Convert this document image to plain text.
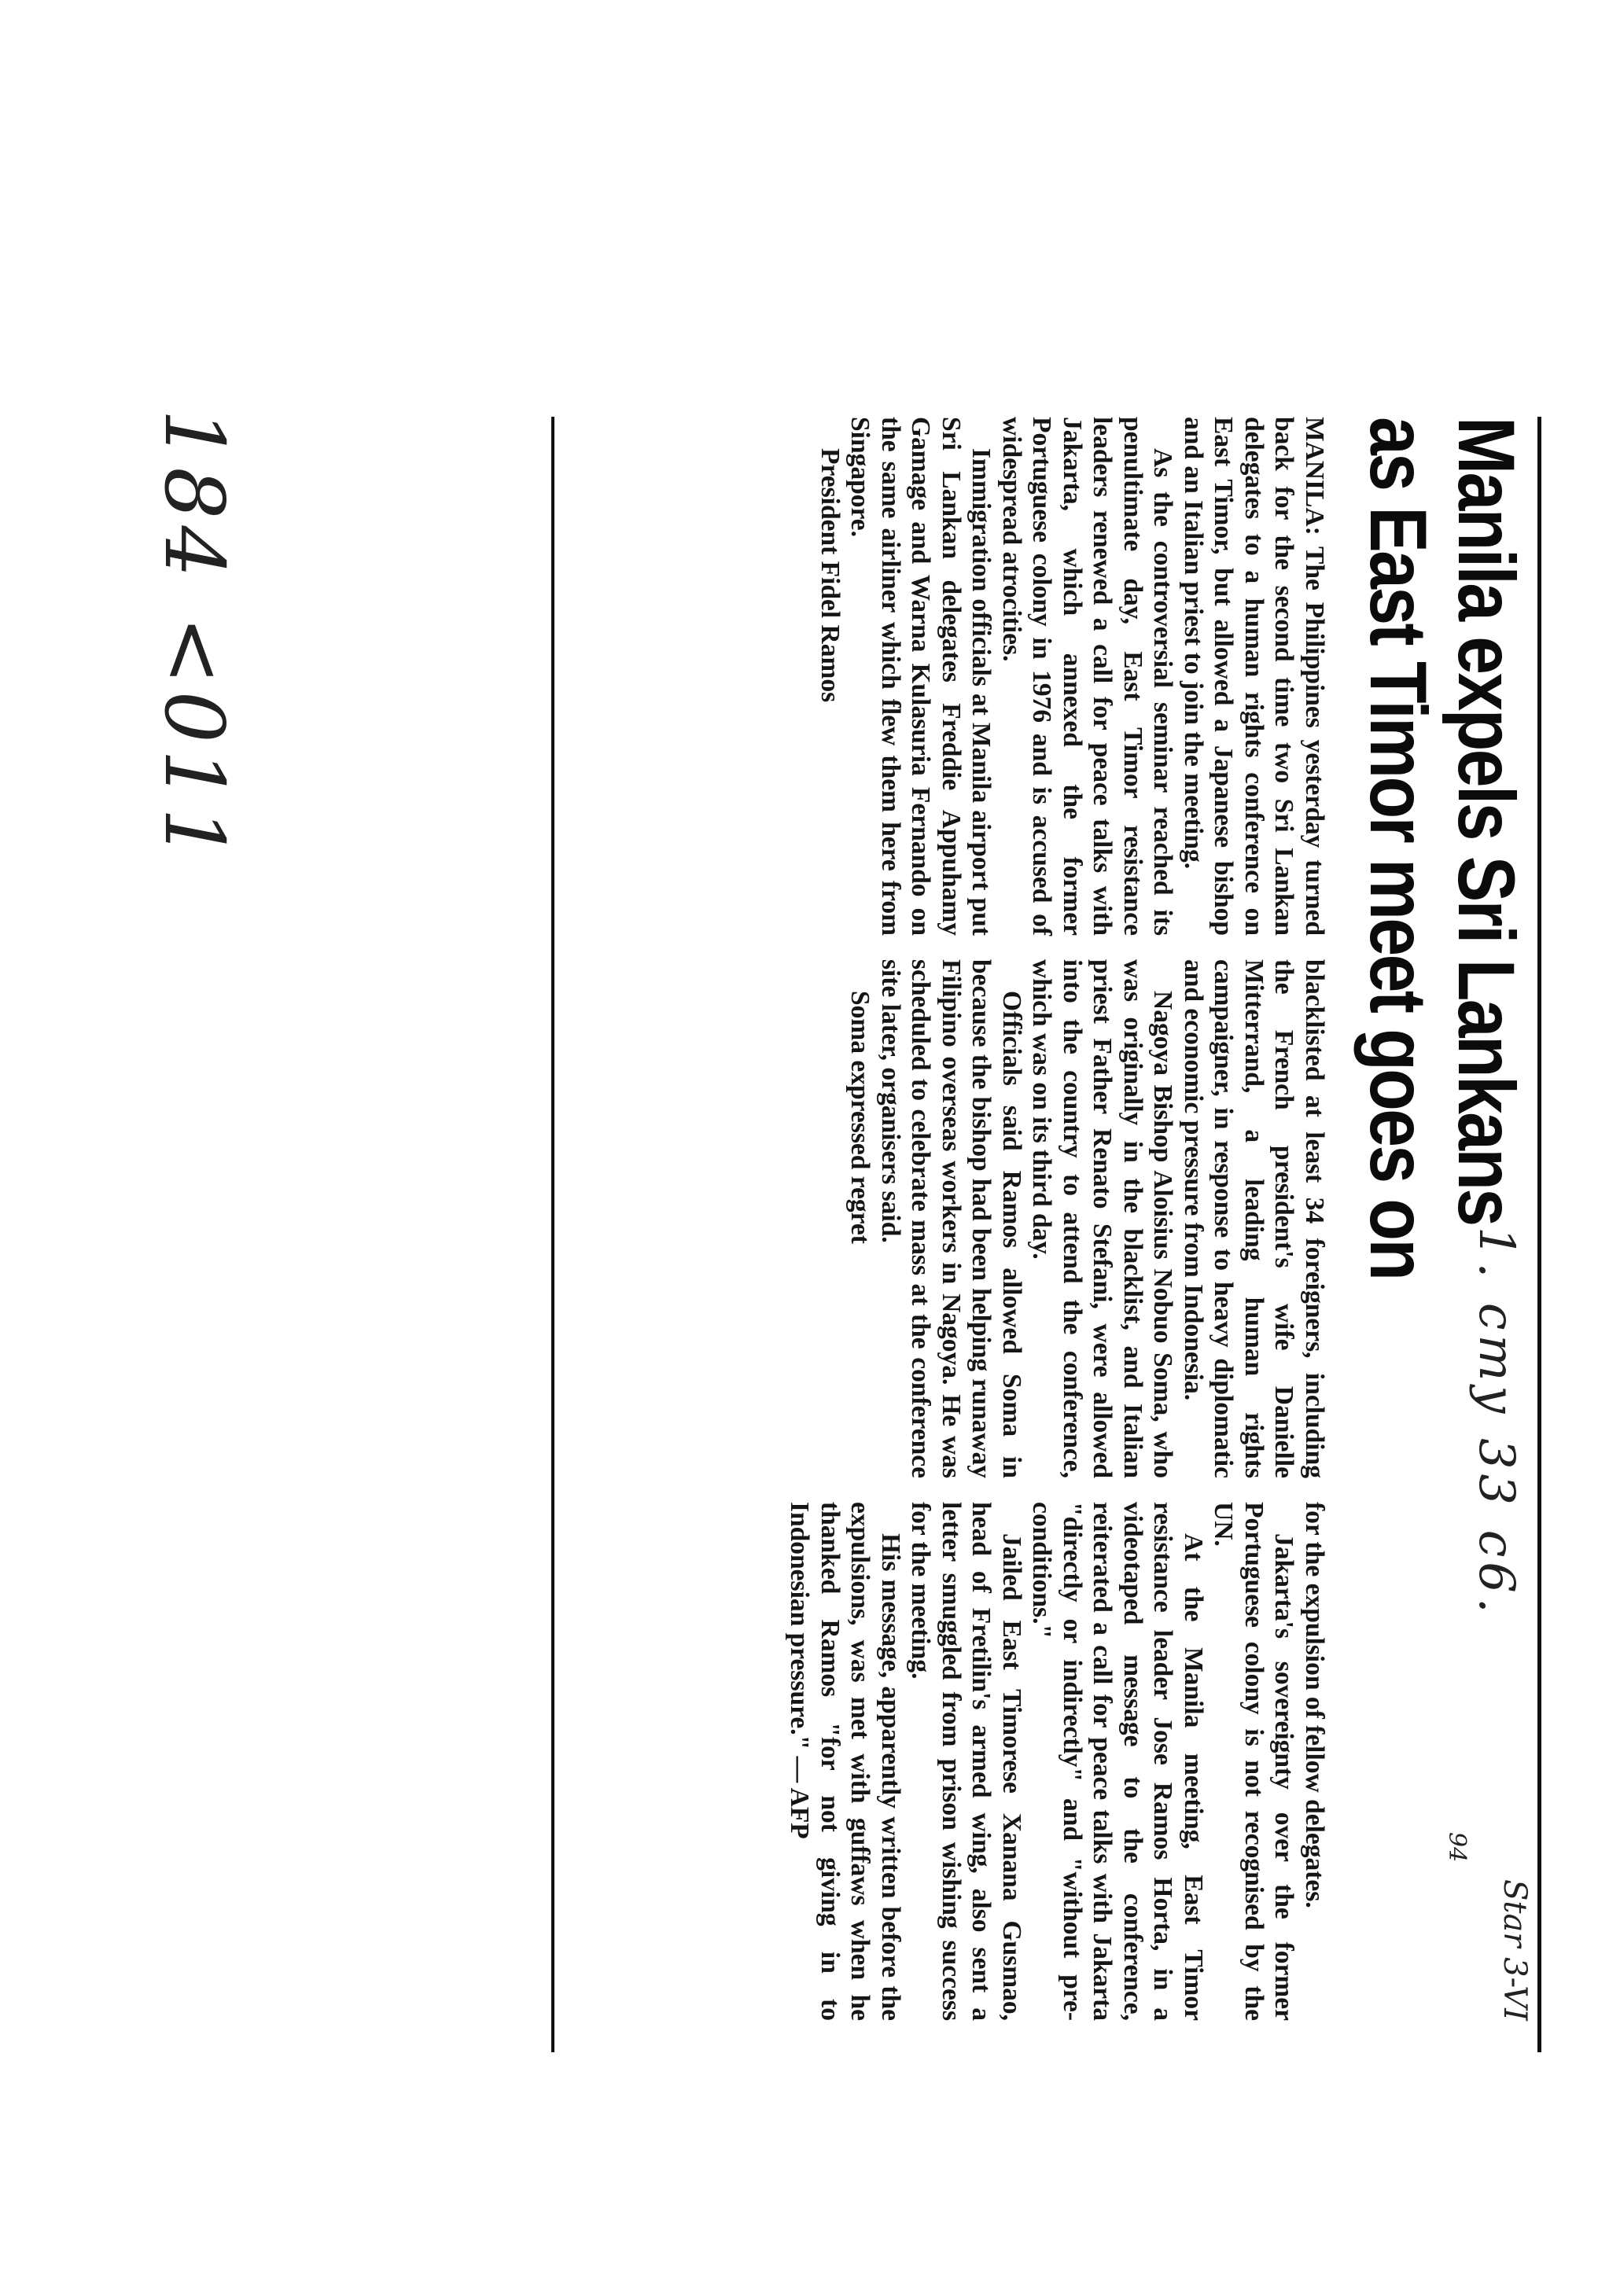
184 <011
1. cmy 33 c6.
Manila expels Sri Lankans
as East Timor meet goes on
Star 3-VI
94

MANILA: The Philippines yesterday turned back for the second time two Sri Lankan delegates to a human rights conference on East Timor, but allowed a Japanese bishop and an Italian priest to join the meeting.

As the controversial seminar reached its penultimate day, East Timor resistance leaders renewed a call for peace talks with Jakarta, which annexed the former Portuguese colony in 1976 and is accused of widespread atrocities.

Immigration officials at Manila airport put Sri Lankan delegates Freddie Appuhamy Gamage and Warna Kulasuria Fernando on the same airliner which flew them here from Singapore.

President Fidel Ramos

blacklisted at least 34 foreigners, including the French president's wife Danielle Mitterrand, a leading human rights campaigner, in response to heavy diplomatic and economic pressure from Indonesia.

Nagoya Bishop Aloisius Nobuo Soma, who was originally in the blacklist, and Italian priest Father Renato Stefani, were allowed into the country to attend the conference, which was on its third day.

Officials said Ramos allowed Soma in because the bishop had been helping runaway Filipino overseas workers in Nagoya. He was scheduled to celebrate mass at the conference site later, organisers said.

Soma expressed regret

for the expulsion of fellow delegates.

Jakarta's sovereignty over the former Portuguese colony is not recognised by the UN.

At the Manila meeting, East Timor resistance leader Jose Ramos Horta, in a videotaped message to the conference, reiterated a call for peace talks with Jakarta "directly or indirectly" and "without pre-conditions."

Jailed East Timorese Xanana Gusmao, head of Fretilin's armed wing, also sent a letter smuggled from prison wishing success for the meeting.

His message, apparently written before the expulsions, was met with guffaws when he thanked Ramos "for not giving in to Indonesian pressure." — AFP
